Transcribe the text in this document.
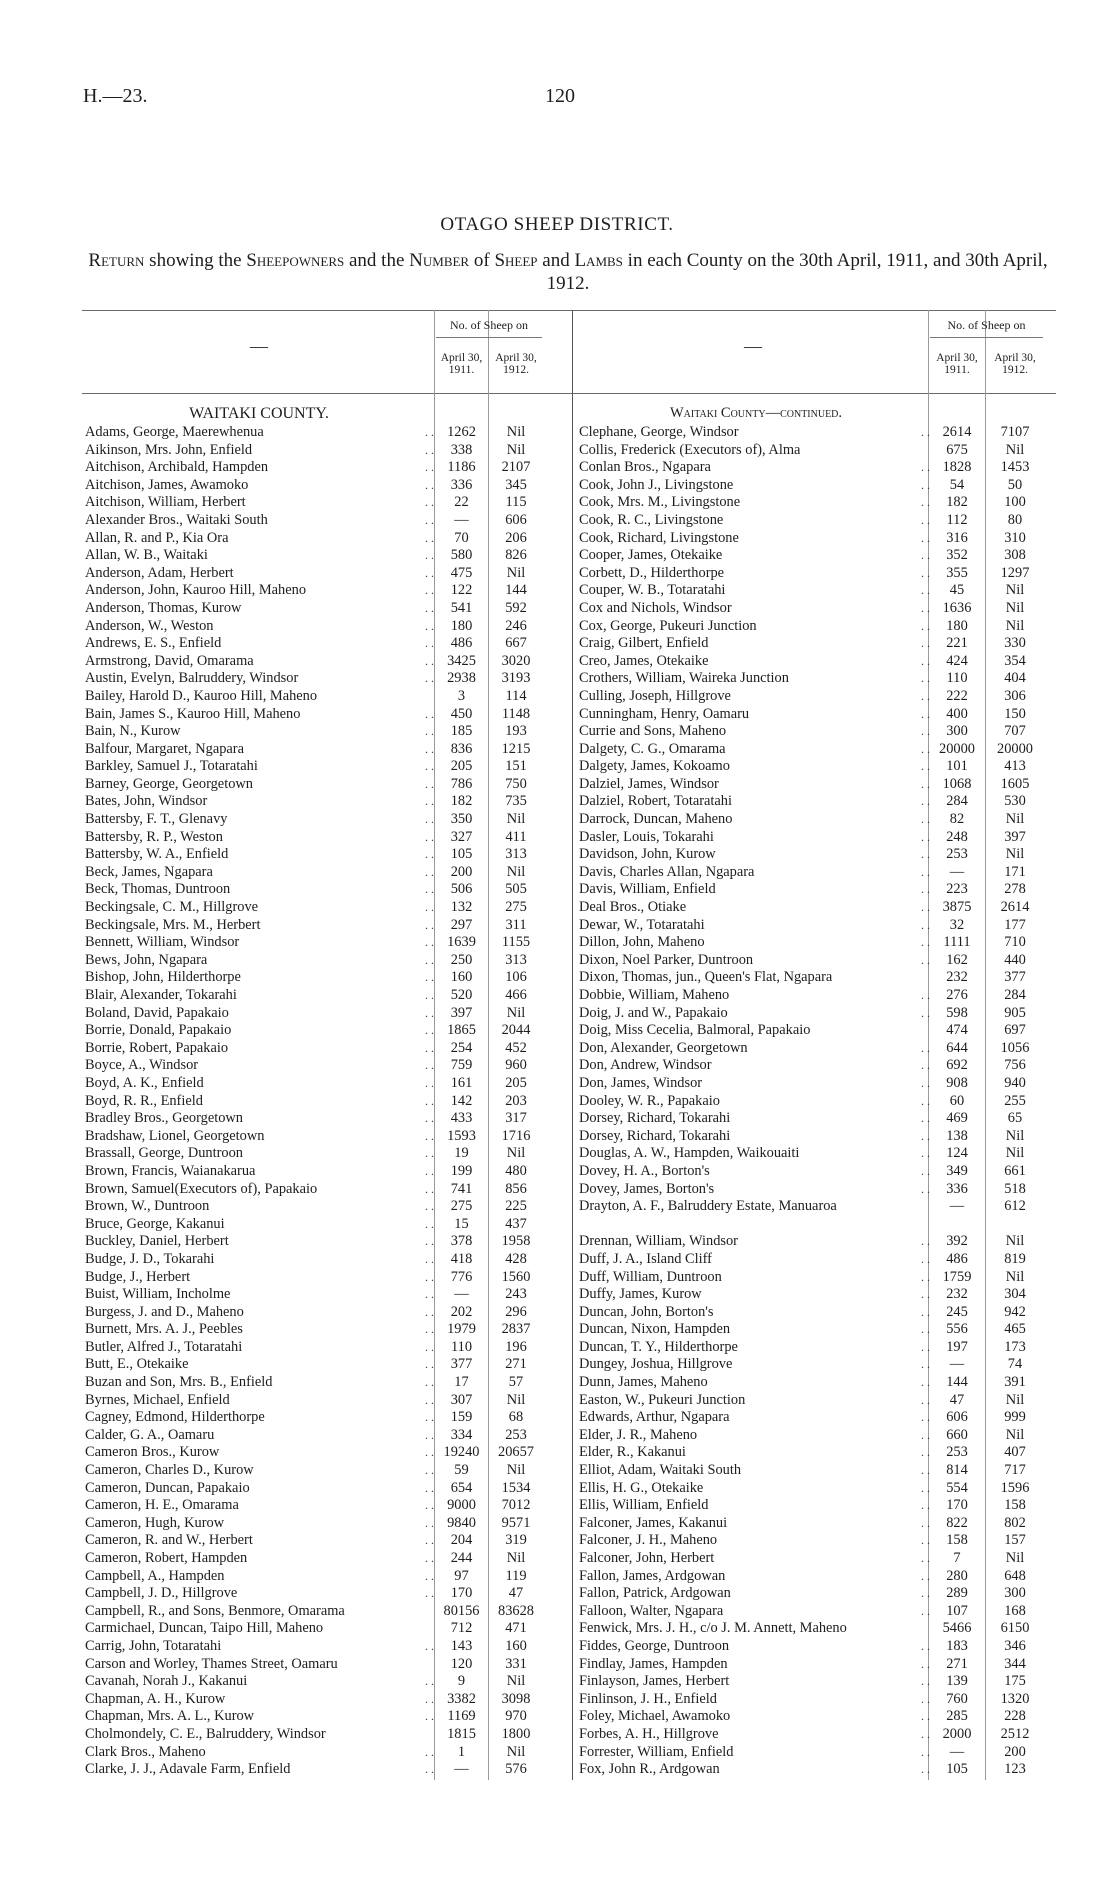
H.—23.	120
OTAGO SHEEP DISTRICT.
Return showing the Sheepowners and the Number of Sheep and Lambs in each County on the 30th April, 1911, and 30th April, 1912.
—
No. of Sheep on
April 30, 1911.
April 30, 1912.
WAITAKI COUNTY.
Adams, George, Maerewhenua	. . 1262	Nil
Aikinson, Mrs. John, Enfield	. .	338	Nil
Aitchison, Archibald, Hampden	. . 1186	2107
Aitchison, James, Awamoko	. .	336	345
Aitchison, William, Herbert	. .	22	115
Alexander Bros., Waitaki South	. .	—	606
Allan, R. and P., Kia Ora	. .	70	206
Allan, W. B., Waitaki	. .	580	826
Anderson, Adam, Herbert	. .	475	Nil
Anderson, John, Kauroo Hill, Maheno	. .	122	144
Anderson, Thomas, Kurow	. .	541	592
Anderson, W., Weston	. .	180	246
Andrews, E. S., Enfield	. .	486	667
Armstrong, David, Omarama	. . 3425	3020
Austin, Evelyn, Balruddery, Windsor	. . 2938	3193
Bailey, Harold D., Kauroo Hill, Maheno	3	114
Bain, James S., Kauroo Hill, Maheno	. .	450	1148
Bain, N., Kurow	. .	185	193
Balfour, Margaret, Ngapara	. .	836	1215
Barkley, Samuel J., Totaratahi	. .	205	151
Barney, George, Georgetown	. .	786	750
Bates, John, Windsor	. .	182	735
Battersby, F. T., Glenavy	. .	350	Nil
Battersby, R. P., Weston	. .	327	411
Battersby, W. A., Enfield	. .	105	313
Beck, James, Ngapara	. .	200	Nil
Beck, Thomas, Duntroon	. .	506	505
Beckingsale, C. M., Hillgrove	. .	132	275
Beckingsale, Mrs. M., Herbert	. .	297	311
Bennett, William, Windsor	. . 1639	1155
Bews, John, Ngapara	. .	250	313
Bishop, John, Hilderthorpe	. .	160	106
Blair, Alexander, Tokarahi	. .	520	466
Boland, David, Papakaio	. .	397	Nil
Borrie, Donald, Papakaio	. . 1865	2044
Borrie, Robert, Papakaio	. .	254	452
Boyce, A., Windsor	. .	759	960
Boyd, A. K., Enfield	. .	161	205
Boyd, R. R., Enfield	. .	142	203
Bradley Bros., Georgetown	. .	433	317
Bradshaw, Lionel, Georgetown	. . 1593	1716
Brassall, George, Duntroon	. .	19	Nil
Brown, Francis, Waianakarua	. .	199	480
Brown, Samuel(Executors of), Papakaio	. .	741	856
Brown, W., Duntroon	. .	275	225
Bruce, George, Kakanui	. .	15	437
Buckley, Daniel, Herbert	. .	378	1958
Budge, J. D., Tokarahi	. .	418	428
Budge, J., Herbert	. .	776	1560
Buist, William, Incholme	. .	—	243
Burgess, J. and D., Maheno	. .	202	296
Burnett, Mrs. A. J., Peebles	. . 1979	2837
Butler, Alfred J., Totaratahi	. .	110	196
Butt, E., Otekaike	. .	377	271
Buzan and Son, Mrs. B., Enfield	. .	17	57
Byrnes, Michael, Enfield	. .	307	Nil
Cagney, Edmond, Hilderthorpe	. .	159	68
Calder, G. A., Oamaru	. .	334	253
Cameron Bros., Kurow	. . 19240	20657
Cameron, Charles D., Kurow	. .	59	Nil
Cameron, Duncan, Papakaio	. .	654	1534
Cameron, H. E., Omarama	. . 9000	7012
Cameron, Hugh, Kurow	. . 9840	9571
Cameron, R. and W., Herbert	. .	204	319
Cameron, Robert, Hampden	. .	244	Nil
Campbell, A., Hampden	. .	97	119
Campbell, J. D., Hillgrove	. .	170	47
Campbell, R., and Sons, Benmore, Omarama	80156	83628
Carmichael, Duncan, Taipo Hill, Maheno	712	471
Carrig, John, Totaratahi	. .	143	160
Carson and Worley, Thames Street, Oamaru	120	331
Cavanah, Norah J., Kakanui	. .	9	Nil
Chapman, A. H., Kurow	. . 3382	3098
Chapman, Mrs. A. L., Kurow	. . 1169	970
Cholmondely, C. E., Balruddery, Windsor	1815	1800
Clark Bros., Maheno	. .	1	Nil
Clarke, J. J., Adavale Farm, Enfield	. .	—	576
—
No. of Sheep on
April 30, 1911.
April 30, 1912.
Waitaki County—continued.
Clephane, George, Windsor	. . 2614	7107
Collis, Frederick (Executors of), Alma	675	Nil
Conlan Bros., Ngapara	. . 1828	1453
Cook, John J., Livingstone	. .	54	50
Cook, Mrs. M., Livingstone	. .	182	100
Cook, R. C., Livingstone	. .	112	80
Cook, Richard, Livingstone	. .	316	310
Cooper, James, Otekaike	. .	352	308
Corbett, D., Hilderthorpe	. .	355	1297
Couper, W. B., Totaratahi	. .	45	Nil
Cox and Nichols, Windsor	. . 1636	Nil
Cox, George, Pukeuri Junction	. .	180	Nil
Craig, Gilbert, Enfield	. .	221	330
Creo, James, Otekaike	. .	424	354
Crothers, William, Waireka Junction	. .	110	404
Culling, Joseph, Hillgrove	. .	222	306
Cunningham, Henry, Oamaru	. .	400	150
Currie and Sons, Maheno	. .	300	707
Dalgety, C. G., Omarama	. . 20000	20000
Dalgety, James, Kokoamo	. .	101	413
Dalziel, James, Windsor	. . 1068	1605
Dalziel, Robert, Totaratahi	. .	284	530
Darrock, Duncan, Maheno	. .	82	Nil
Dasler, Louis, Tokarahi	. .	248	397
Davidson, John, Kurow	. .	253	Nil
Davis, Charles Allan, Ngapara	. .	—	171
Davis, William, Enfield	. .	223	278
Deal Bros., Otiake	. . 3875	2614
Dewar, W., Totaratahi	. .	32	177
Dillon, John, Maheno	. . 1111	710
Dixon, Noel Parker, Duntroon	. .	162	440
Dixon, Thomas, jun., Queen's Flat, Ngapara	232	377
Dobbie, William, Maheno	. .	276	284
Doig, J. and W., Papakaio	. .	598	905
Doig, Miss Cecelia, Balmoral, Papakaio	474	697
Don, Alexander, Georgetown	. .	644	1056
Don, Andrew, Windsor	. .	692	756
Don, James, Windsor	. .	908	940
Dooley, W. R., Papakaio	. .	60	255
Dorsey, Richard, Tokarahi	. .	469	65
Dorsey, Richard, Tokarahi	. .	138	Nil
Douglas, A. W., Hampden, Waikouaiti	. .	124	Nil
Dovey, H. A., Borton's	. .	349	661
Dovey, James, Borton's	. .	336	518
Drayton, A. F., Balruddery Estate, Manuaroa	—	612
Drennan, William, Windsor	. .	392	Nil
Duff, J. A., Island Cliff	. .	486	819
Duff, William, Duntroon	. . 1759	Nil
Duffy, James, Kurow	. .	232	304
Duncan, John, Borton's	. .	245	942
Duncan, Nixon, Hampden	. .	556	465
Duncan, T. Y., Hilderthorpe	. .	197	173
Dungey, Joshua, Hillgrove	. .	—	74
Dunn, James, Maheno	. .	144	391
Easton, W., Pukeuri Junction	. .	47	Nil
Edwards, Arthur, Ngapara	. .	606	999
Elder, J. R., Maheno	. .	660	Nil
Elder, R., Kakanui	. .	253	407
Elliot, Adam, Waitaki South	. .	814	717
Ellis, H. G., Otekaike	. .	554	1596
Ellis, William, Enfield	. .	170	158
Falconer, James, Kakanui	. .	822	802
Falconer, J. H., Maheno	. .	158	157
Falconer, John, Herbert	. .	7	Nil
Fallon, James, Ardgowan	. .	280	648
Fallon, Patrick, Ardgowan	. .	289	300
Falloon, Walter, Ngapara	. .	107	168
Fenwick, Mrs. J. H., c/o J. M. Annett, Maheno	5466	6150
Fiddes, George, Duntroon	. .	183	346
Findlay, James, Hampden	. .	271	344
Finlayson, James, Herbert	. .	139	175
Finlinson, J. H., Enfield	. .	760	1320
Foley, Michael, Awamoko	. .	285	228
Forbes, A. H., Hillgrove	. . 2000	2512
Forrester, William, Enfield	. .	—	200
Fox, John R., Ardgowan	. .	105	123
